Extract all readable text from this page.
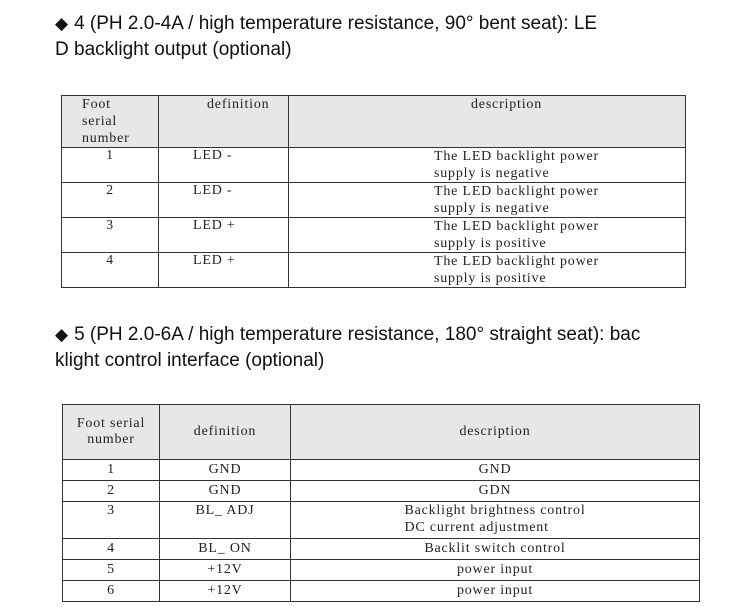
◆ 4 (PH 2.0-4A / high temperature resistance, 90° bent seat): LE
D backlight output (optional)
Foot
serial
number	definition	description
1	LED -	The LED backlight power supply is negative

2	LED -	The LED backlight power supply is negative

3	LED +	The LED backlight power supply is positive

4	LED +	The LED backlight power supply is positive
◆ 5 (PH 2.0-6A / high temperature resistance, 180° straight seat): bac
klight control interface (optional)
Foot serial
number	definition	description
1	GND	GND
2	GND	GDN
3	BL_ ADJ	Backlight brightness control
DC current adjustment

4	BL_ ON	Backlit switch control
5	+12V	power input
6	+12V	power input
